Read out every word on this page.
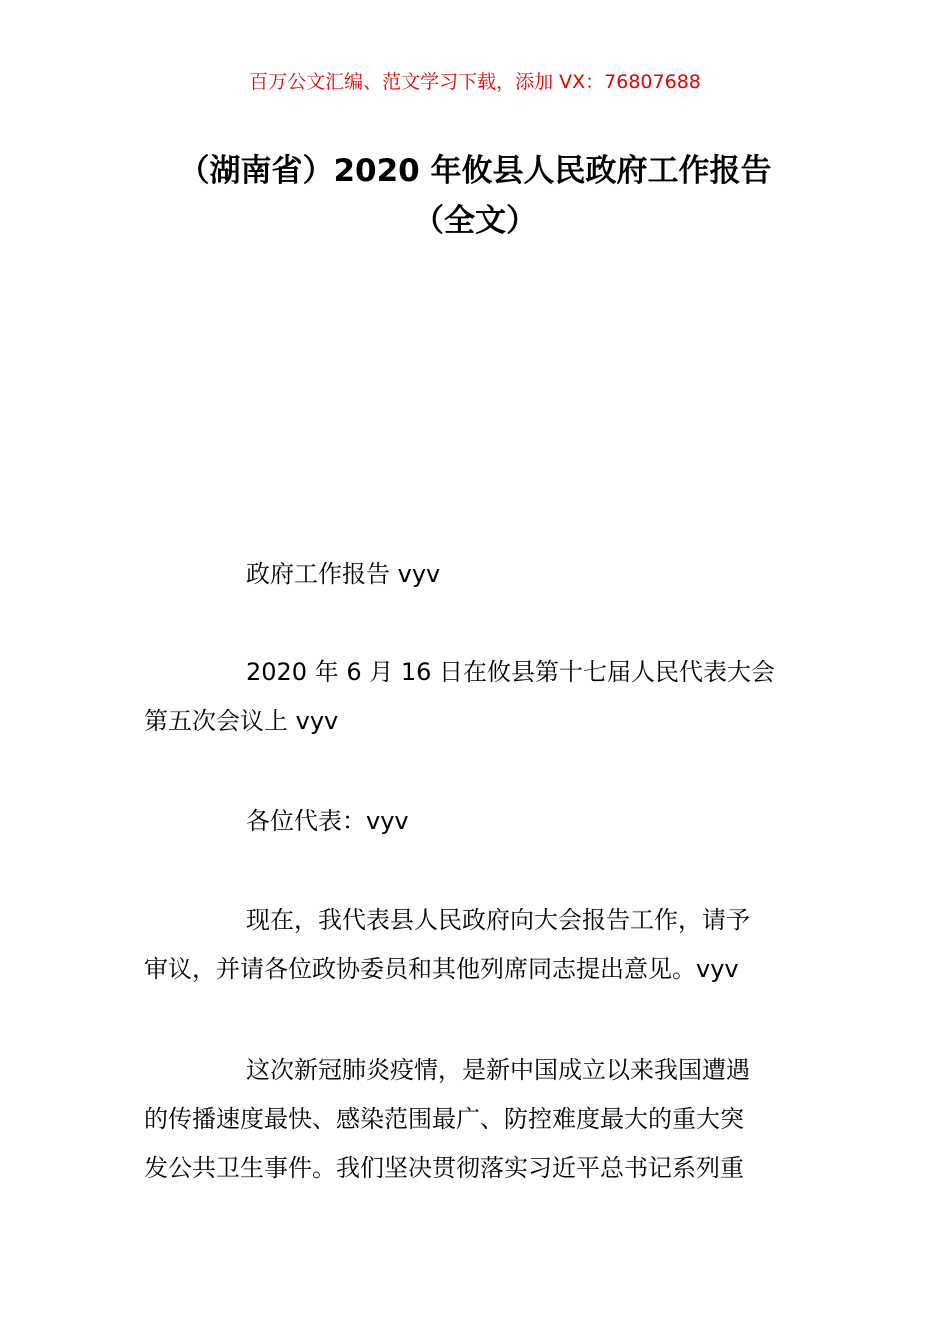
百万公文汇编、范文学习下载，添加 VX：76807688
（湖南省）2020 年攸县人民政府工作报告
（全文）

政府工作报告 vyv

2020 年 6 月 16 日在攸县第十七届人民代表大会
第五次会议上 vyv

各位代表：vyv

现在，我代表县人民政府向大会报告工作，请予
审议，并请各位政协委员和其他列席同志提出意见。vyv

这次新冠肺炎疫情，是新中国成立以来我国遭遇
的传播速度最快、感染范围最广、防控难度最大的重大突
发公共卫生事件。我们坚决贯彻落实习近平总书记系列重
